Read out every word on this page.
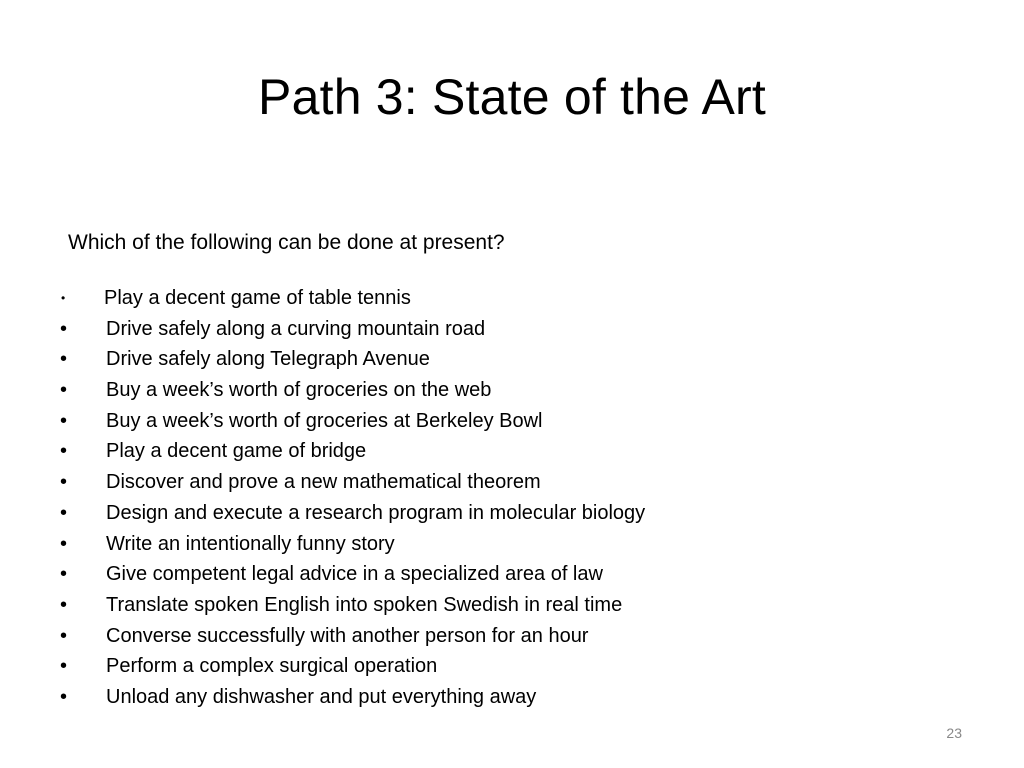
Path 3: State of the Art
Which of the following can be done at present?
•	Play a decent game of table tennis
•	Drive safely along a curving mountain road
•	Drive safely along Telegraph Avenue
•	Buy a week’s worth of groceries on the web
•	Buy a week’s worth of groceries at Berkeley Bowl
•	Play a decent game of bridge
•	Discover and prove a new mathematical theorem
•	Design and execute a research program in molecular biology
•	Write an intentionally funny story
•	Give competent legal advice in a specialized area of law
•	Translate spoken English into spoken Swedish in real time
•	Converse successfully with another person for an hour
•	Perform a complex surgical operation
•	Unload any dishwasher and put everything away
23
